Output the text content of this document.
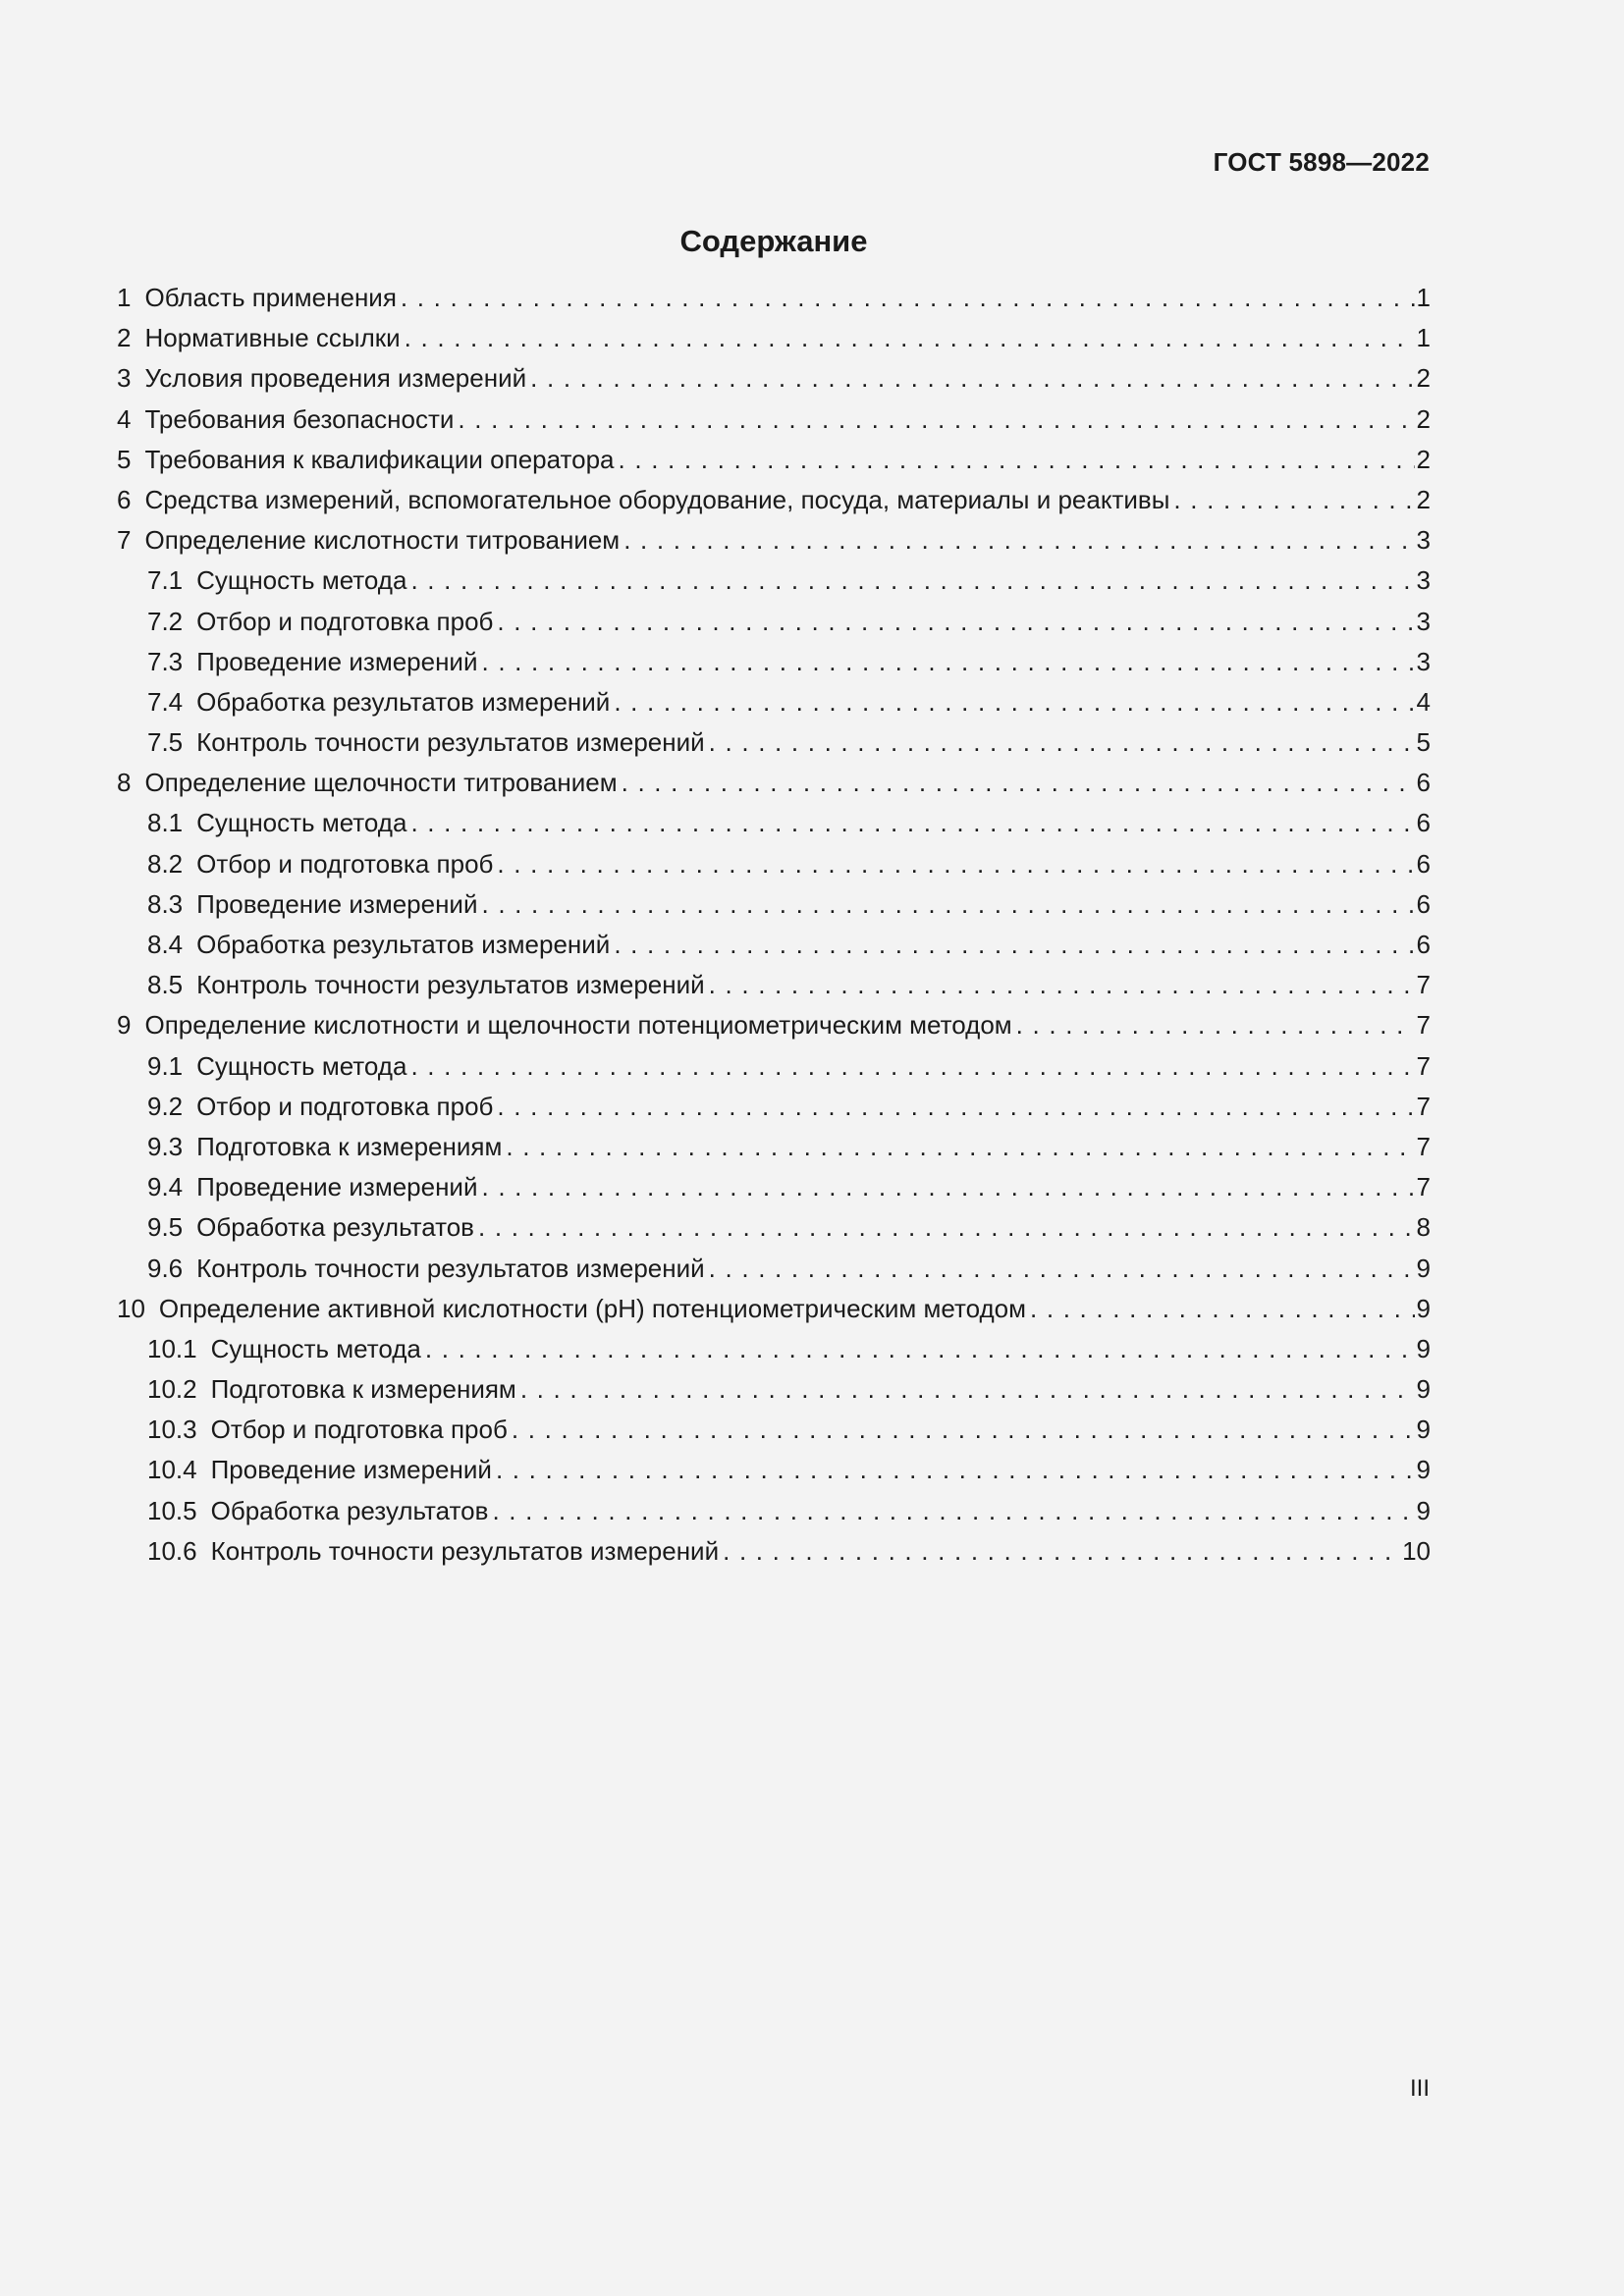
ГОСТ 5898—2022
Содержание
1 Область применения . . .	1
2 Нормативные ссылки . . .	1
3 Условия проведения измерений . . .	2
4 Требования безопасности . . .	2
5 Требования к квалификации оператора . . .	2
6 Средства измерений, вспомогательное оборудование, посуда, материалы и реактивы . . .	2
7 Определение кислотности титрованием . . .	3
7.1 Сущность метода . . .	3
7.2 Отбор и подготовка проб . . .	3
7.3 Проведение измерений . . .	3
7.4 Обработка результатов измерений . . .	4
7.5 Контроль точности результатов измерений . . .	5
8 Определение щелочности титрованием . . .	6
8.1 Сущность метода . . .	6
8.2 Отбор и подготовка проб . . .	6
8.3 Проведение измерений . . .	6
8.4 Обработка результатов измерений . . .	6
8.5 Контроль точности результатов измерений . . .	7
9 Определение кислотности и щелочности потенциометрическим методом . . .	7
9.1 Сущность метода . . .	7
9.2 Отбор и подготовка проб . . .	7
9.3 Подготовка к измерениям . . .	7
9.4 Проведение измерений . . .	7
9.5 Обработка результатов . . .	8
9.6 Контроль точности результатов измерений . . .	9
10 Определение активной кислотности (рН) потенциометрическим методом . . .	9
10.1 Сущность метода . . .	9
10.2 Подготовка к измерениям . . .	9
10.3 Отбор и подготовка проб . . .	9
10.4 Проведение измерений . . .	9
10.5 Обработка результатов . . .	9
10.6 Контроль точности результатов измерений . . .	10
III
